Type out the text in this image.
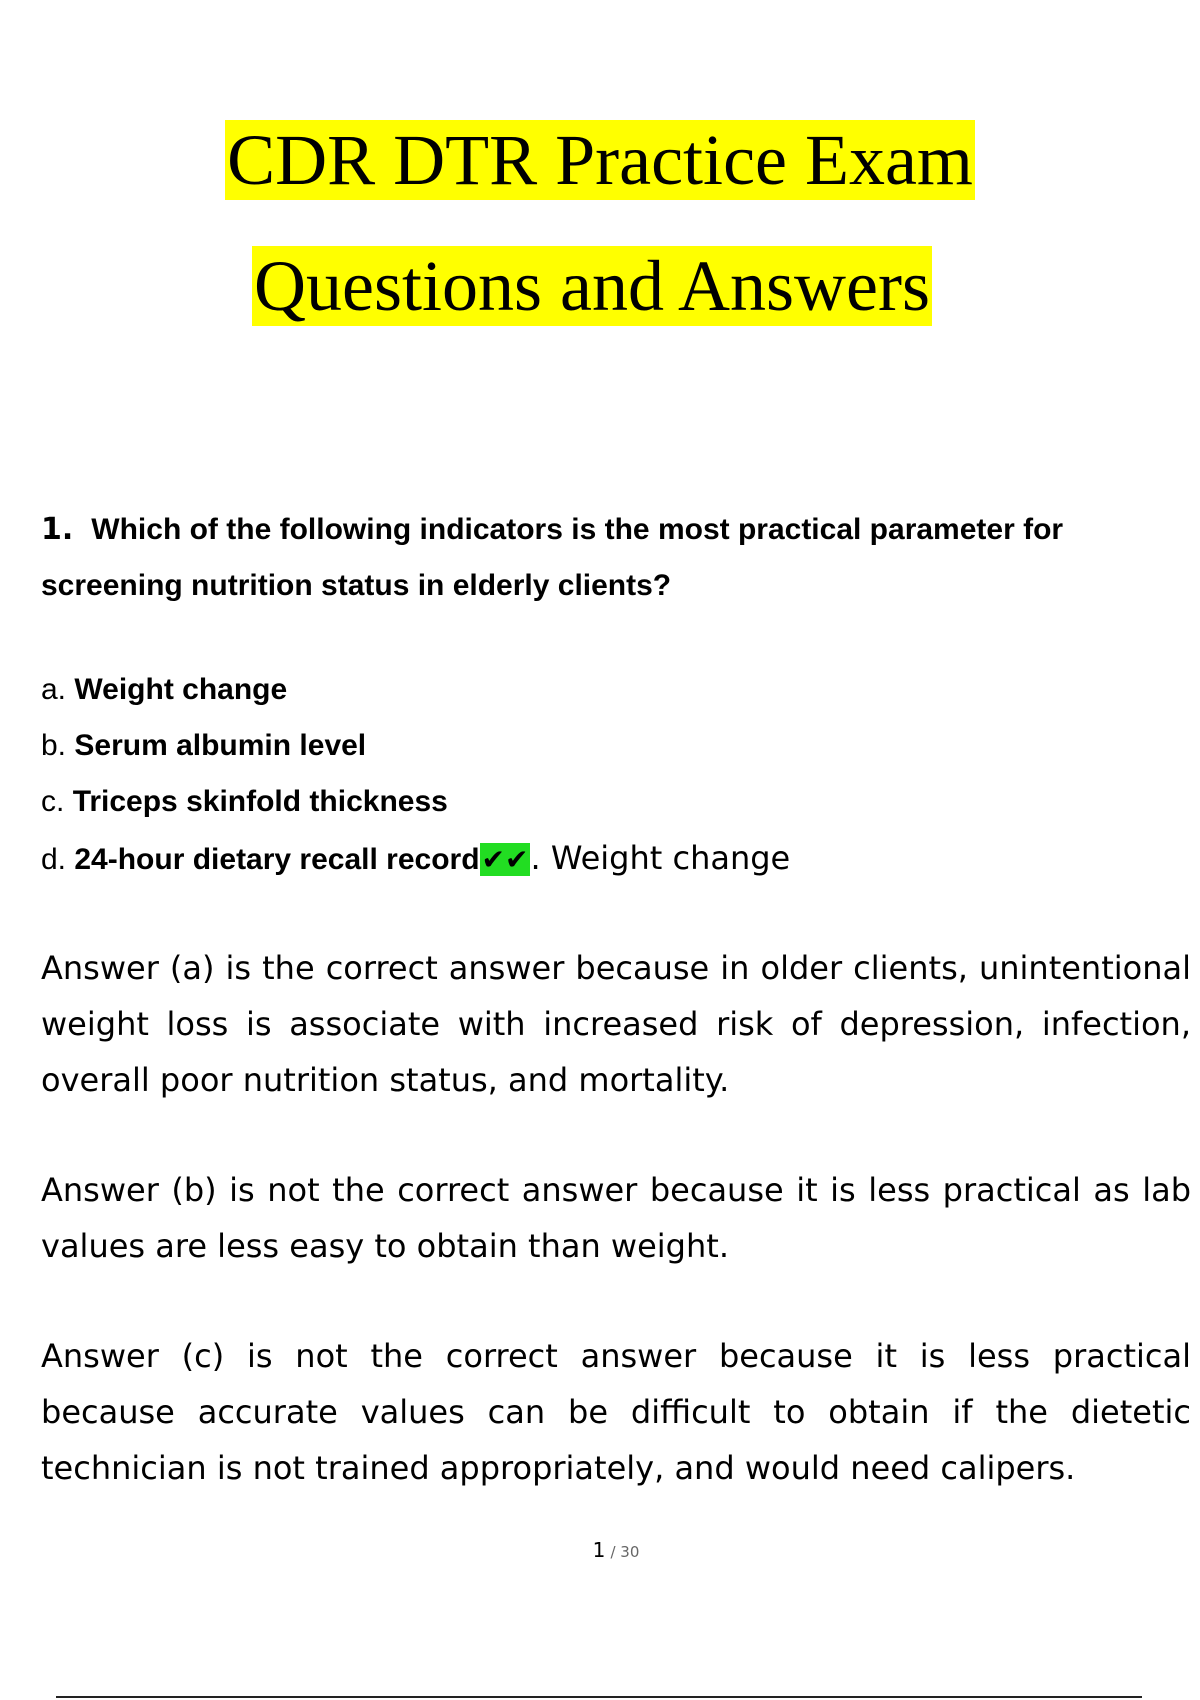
CDR DTR Practice Exam
Questions and Answers
1. Which of the following indicators is the most practical parameter for screening nutrition status in elderly clients?
a. Weight change
b. Serum albumin level
c. Triceps skinfold thickness
d. 24-hour dietary recall record✔✔. Weight change
Answer (a) is the correct answer because in older clients, unintentional weight loss is associate with increased risk of depression, infection, overall poor nutrition status, and mortality.
Answer (b) is not the correct answer because it is less practical as lab values are less easy to obtain than weight.
Answer (c) is not the correct answer because it is less practical because accurate values can be difficult to obtain if the dietetic technician is not trained appropriately, and would need calipers.
1 / 30
